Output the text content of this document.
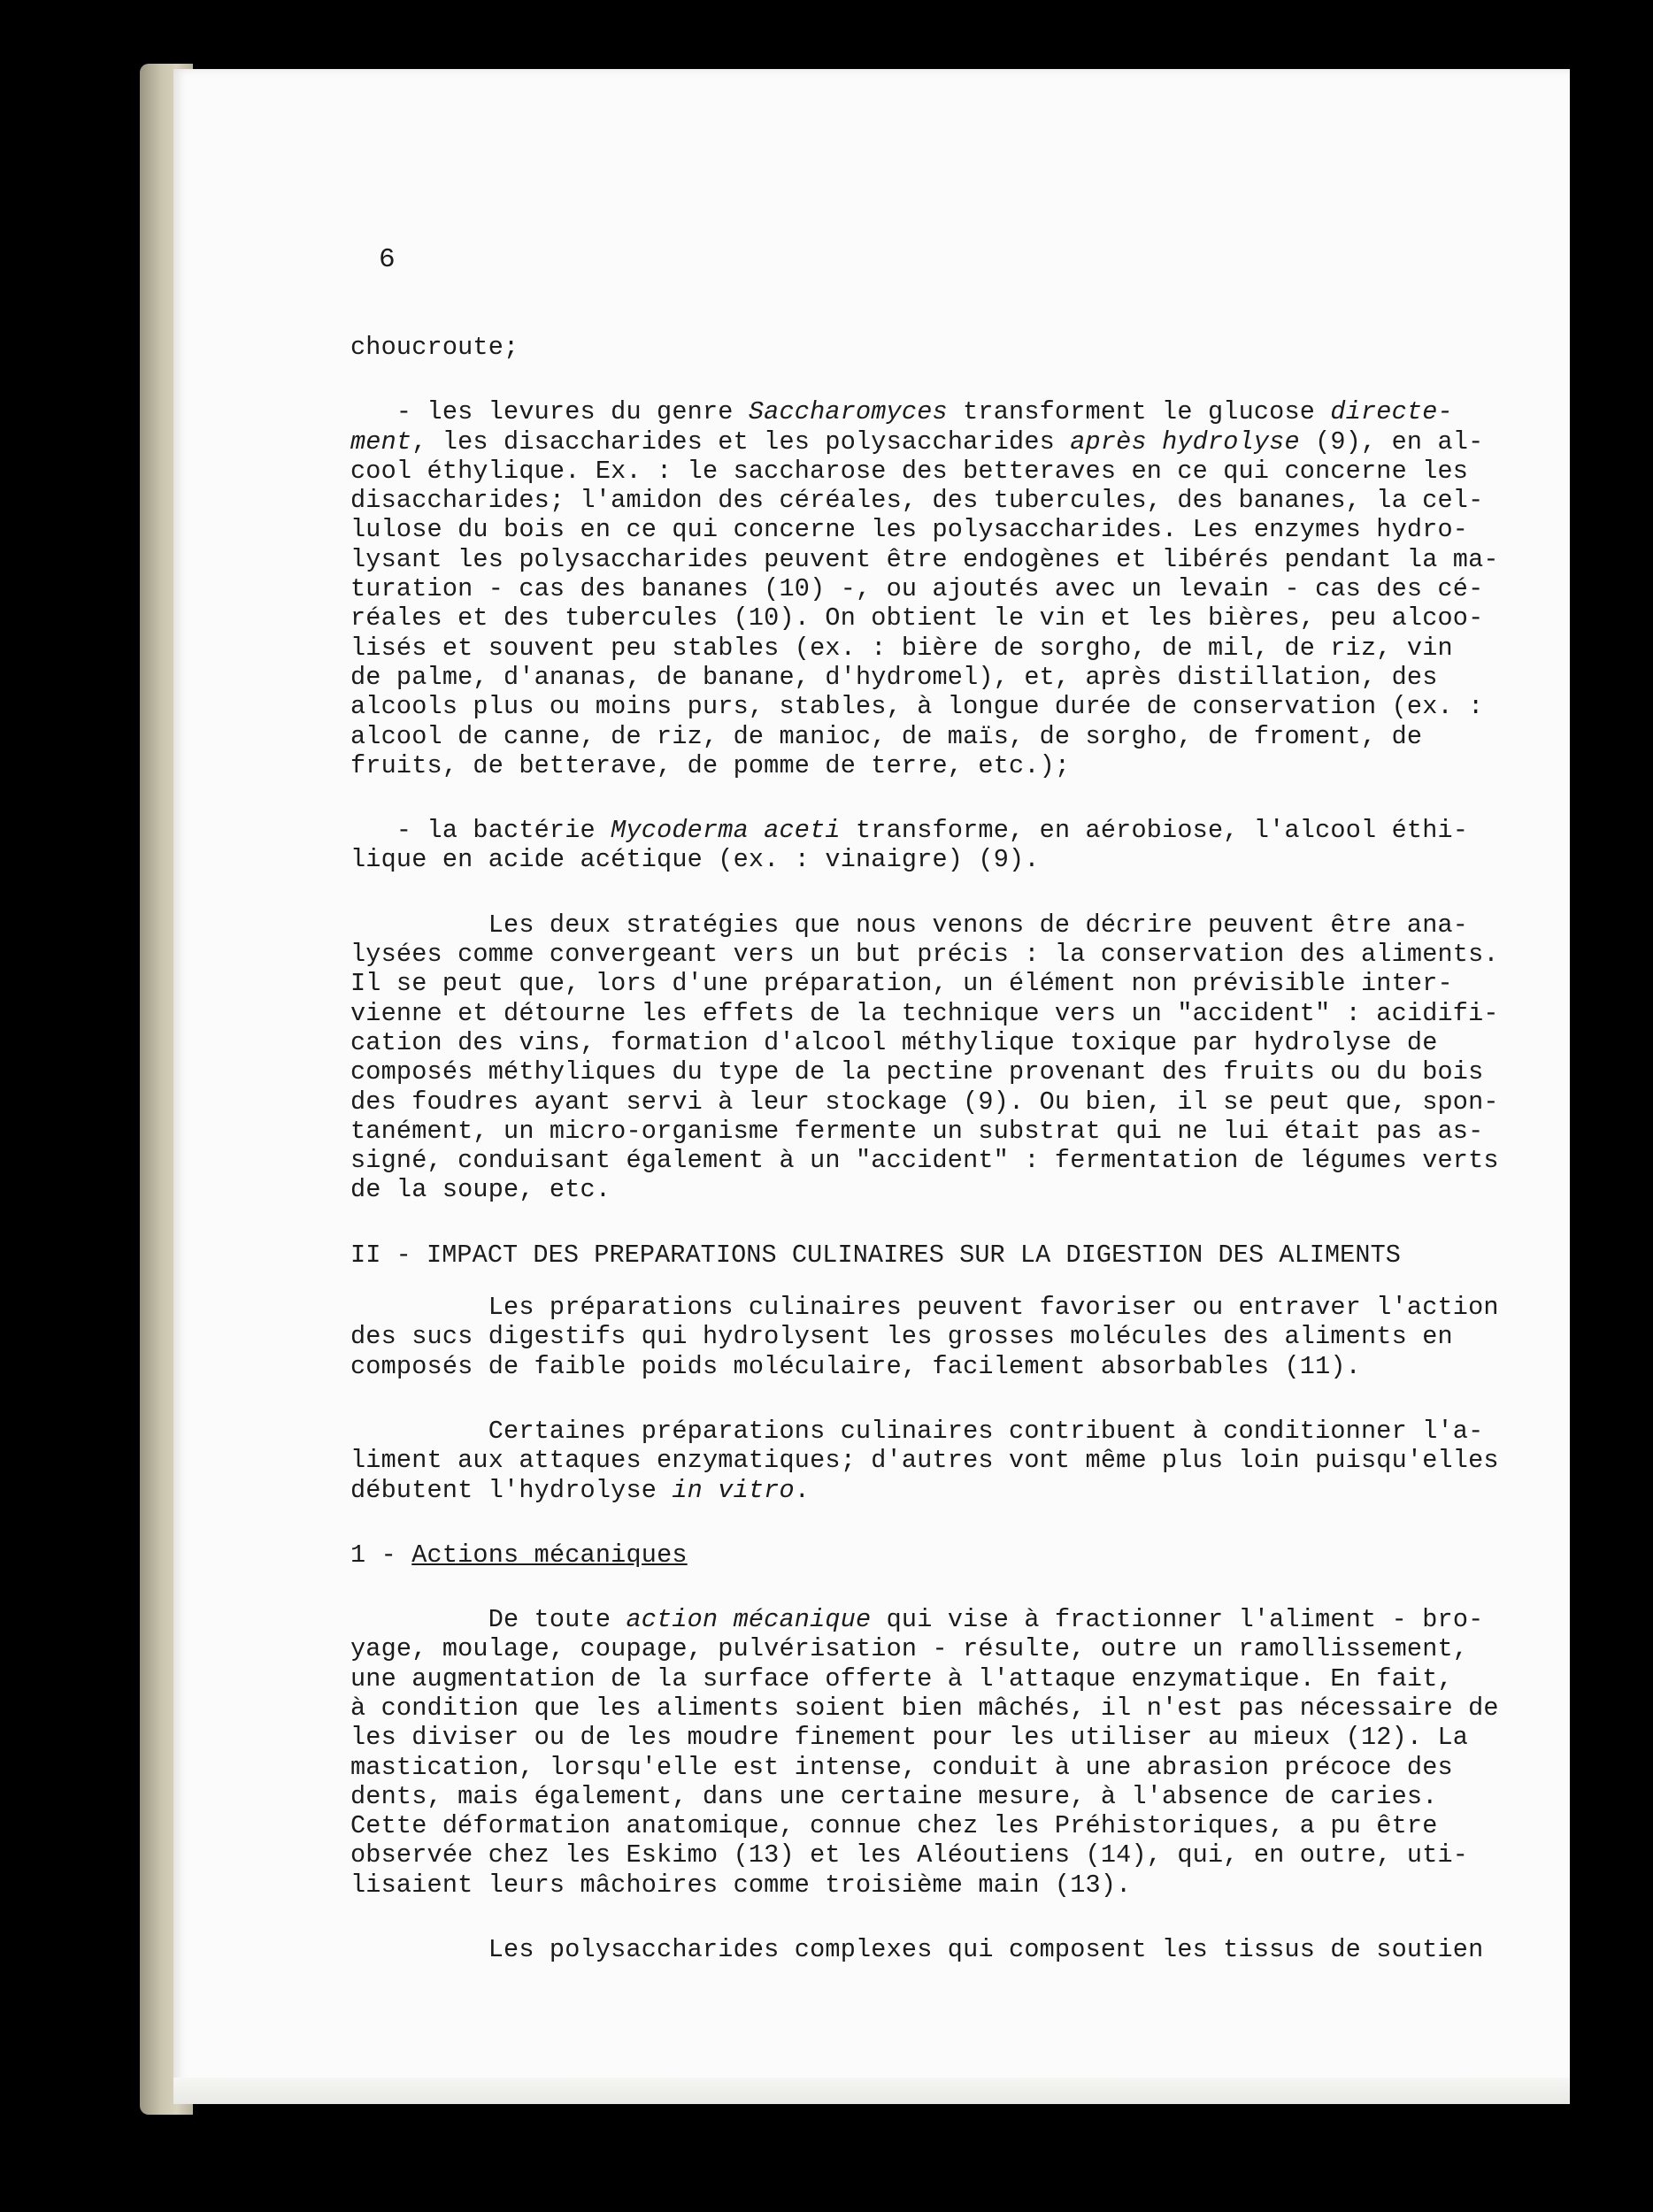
6
choucroute;
- les levures du genre Saccharomyces transforment le glucose directe-
ment, les disaccharides et les polysaccharides après hydrolyse (9), en al-
cool éthylique. Ex. : le saccharose des betteraves en ce qui concerne les
disaccharides; l'amidon des céréales, des tubercules, des bananes, la cel-
lulose du bois en ce qui concerne les polysaccharides. Les enzymes hydro-
lysant les polysaccharides peuvent être endogènes et libérés pendant la ma-
turation - cas des bananes (10) -, ou ajoutés avec un levain - cas des cé-
réales et des tubercules (10). On obtient le vin et les bières, peu alcoo-
lisés et souvent peu stables (ex. : bière de sorgho, de mil, de riz, vin
de palme, d'ananas, de banane, d'hydromel), et, après distillation, des
alcools plus ou moins purs, stables, à longue durée de conservation (ex. :
alcool de canne, de riz, de manioc, de maïs, de sorgho, de froment, de
fruits, de betterave, de pomme de terre, etc.);
- la bactérie Mycoderma aceti transforme, en aérobiose, l'alcool éthi-
lique en acide acétique (ex. : vinaigre) (9).
Les deux stratégies que nous venons de décrire peuvent être ana-
lysées comme convergeant vers un but précis : la conservation des aliments.
Il se peut que, lors d'une préparation, un élément non prévisible inter-
vienne et détourne les effets de la technique vers un "accident" : acidifi-
cation des vins, formation d'alcool méthylique toxique par hydrolyse de
composés méthyliques du type de la pectine provenant des fruits ou du bois
des foudres ayant servi à leur stockage (9). Ou bien, il se peut que, spon-
tanément, un micro-organisme fermente un substrat qui ne lui était pas as-
signé, conduisant également à un "accident" : fermentation de légumes verts
de la soupe, etc.
II - IMPACT DES PREPARATIONS CULINAIRES SUR LA DIGESTION DES ALIMENTS
Les préparations culinaires peuvent favoriser ou entraver l'action
des sucs digestifs qui hydrolysent les grosses molécules des aliments en
composés de faible poids moléculaire, facilement absorbables (11).
Certaines préparations culinaires contribuent à conditionner l'a-
liment aux attaques enzymatiques; d'autres vont même plus loin puisqu'elles
débutent l'hydrolyse in vitro.
1 - Actions mécaniques
De toute action mécanique qui vise à fractionner l'aliment - bro-
yage, moulage, coupage, pulvérisation - résulte, outre un ramollissement,
une augmentation de la surface offerte à l'attaque enzymatique. En fait,
à condition que les aliments soient bien mâchés, il n'est pas nécessaire de
les diviser ou de les moudre finement pour les utiliser au mieux (12). La
mastication, lorsqu'elle est intense, conduit à une abrasion précoce des
dents, mais également, dans une certaine mesure, à l'absence de caries.
Cette déformation anatomique, connue chez les Préhistoriques, a pu être
observée chez les Eskimo (13) et les Aléoutiens (14), qui, en outre, uti-
lisaient leurs mâchoires comme troisième main (13).
Les polysaccharides complexes qui composent les tissus de soutien
